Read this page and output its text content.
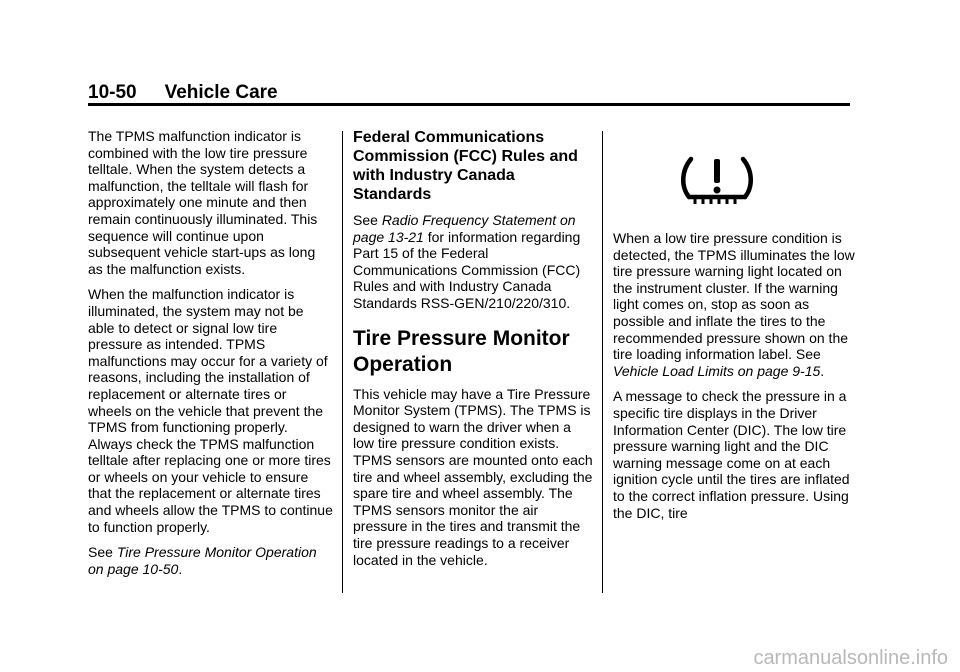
10-50 Vehicle Care

The TPMS malfunction indicator is combined with the low tire pressure telltale. When the system detects a malfunction, the telltale will flash for approximately one minute and then remain continuously illuminated. This sequence will continue upon subsequent vehicle start-ups as long as the malfunction exists.

When the malfunction indicator is illuminated, the system may not be able to detect or signal low tire pressure as intended. TPMS malfunctions may occur for a variety of reasons, including the installation of replacement or alternate tires or wheels on the vehicle that prevent the TPMS from functioning properly. Always check the TPMS malfunction telltale after replacing one or more tires or wheels on your vehicle to ensure that the replacement or alternate tires and wheels allow the TPMS to continue to function properly.

See Tire Pressure Monitor Operation on page 10-50.

Federal Communications Commission (FCC) Rules and with Industry Canada Standards

See Radio Frequency Statement on page 13-21 for information regarding Part 15 of the Federal Communications Commission (FCC) Rules and with Industry Canada Standards RSS-GEN/210/220/310.

Tire Pressure Monitor Operation

This vehicle may have a Tire Pressure Monitor System (TPMS). The TPMS is designed to warn the driver when a low tire pressure condition exists. TPMS sensors are mounted onto each tire and wheel assembly, excluding the spare tire and wheel assembly. The TPMS sensors monitor the air pressure in the tires and transmit the tire pressure readings to a receiver located in the vehicle.

When a low tire pressure condition is detected, the TPMS illuminates the low tire pressure warning light located on the instrument cluster. If the warning light comes on, stop as soon as possible and inflate the tires to the recommended pressure shown on the tire loading information label. See Vehicle Load Limits on page 9-15.

A message to check the pressure in a specific tire displays in the Driver Information Center (DIC). The low tire pressure warning light and the DIC warning message come on at each ignition cycle until the tires are inflated to the correct inflation pressure. Using the DIC, tire

carmanualsonline.info
